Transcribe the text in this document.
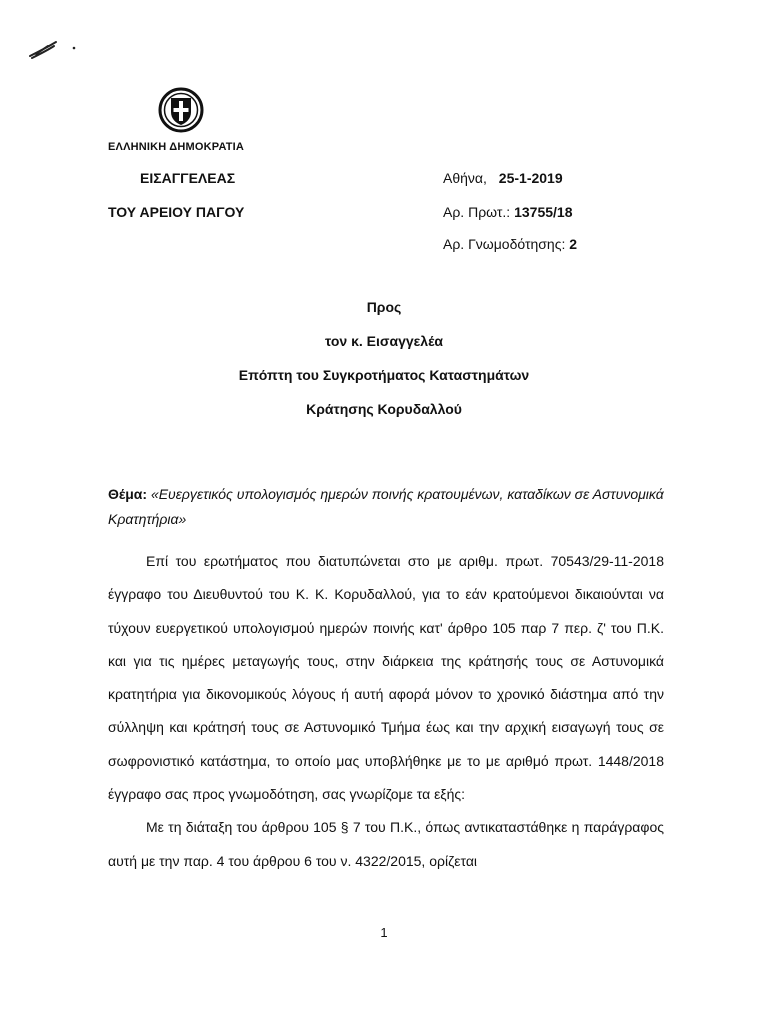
ΕΛΛΗΝΙΚΗ ΔΗΜΟΚΡΑΤΙΑ
ΕΙΣΑΓΓΕΛΕΑΣ
ΤΟΥ ΑΡΕΙΟΥ ΠΑΓΟΥ
Αθήνα, 25-1-2019
Αρ. Πρωτ.: 13755/18
Αρ. Γνωμοδότησης: 2
Προς
τον κ. Εισαγγελέα
Επόπτη του Συγκροτήματος Καταστημάτων
Κράτησης Κορυδαλλού
Θέμα: «Ευεργετικός υπολογισμός ημερών ποινής κρατουμένων, καταδίκων σε Αστυνομικά Κρατητήρια»

Επί του ερωτήματος που διατυπώνεται στο με αριθμ. πρωτ. 70543/29-11-2018 έγγραφο του Διευθυντού του Κ. Κ. Κορυδαλλού, για το εάν κρατούμενοι δικαιούνται να τύχουν ευεργετικού υπολογισμού ημερών ποινής κατ' άρθρο 105 παρ 7 περ. ζ' του Π.Κ. και για τις ημέρες μεταγωγής τους, στην διάρκεια της κράτησής τους σε Αστυνομικά κρατητήρια για δικονομικούς λόγους ή αυτή αφορά μόνον το χρονικό διάστημα από την σύλληψη και κράτησή τους σε Αστυνομικό Τμήμα έως και την αρχική εισαγωγή τους σε σωφρονιστικό κατάστημα, το οποίο μας υποβλήθηκε με το με αριθμό πρωτ. 1448/2018 έγγραφο σας προς γνωμοδότηση, σας γνωρίζομε τα εξής:

Με τη διάταξη του άρθρου 105 § 7 του Π.Κ., όπως αντικαταστάθηκε η παράγραφος αυτή με την παρ. 4 του άρθρου 6 του ν. 4322/2015, ορίζεται

1
